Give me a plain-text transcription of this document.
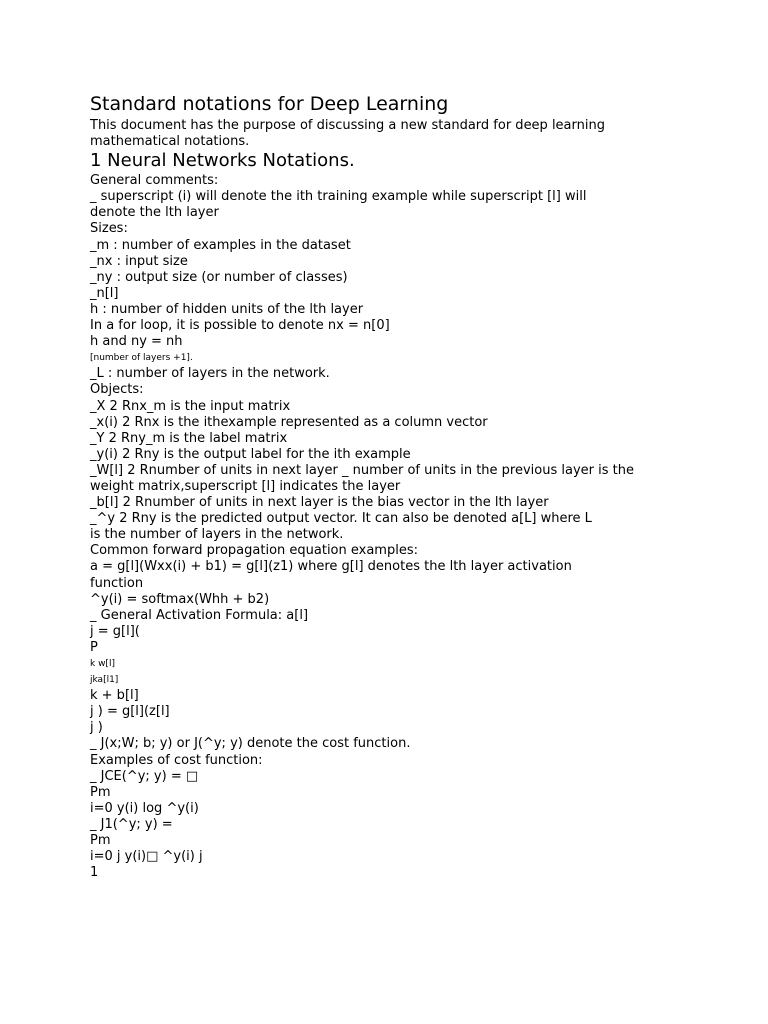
Standard notations for Deep Learning
This document has the purpose of discussing a new standard for deep learning
mathematical notations.
1 Neural Networks Notations.
General comments:
_ superscript (i) will denote the ith training example while superscript [l] will
denote the lth layer
Sizes:
_m : number of examples in the dataset
_nx : input size
_ny : output size (or number of classes)
_n[l]
h : number of hidden units of the lth layer
In a for loop, it is possible to denote nx = n[0]
h and ny = nh
[number of layers +1].
_L : number of layers in the network.
Objects:
_X 2 Rnx_m is the input matrix
_x(i) 2 Rnx is the ithexample represented as a column vector
_Y 2 Rny_m is the label matrix
_y(i) 2 Rny is the output label for the ith example
_W[l] 2 Rnumber of units in next layer _ number of units in the previous layer is the
weight matrix,superscript [l] indicates the layer
_b[l] 2 Rnumber of units in next layer is the bias vector in the lth layer
_^y 2 Rny is the predicted output vector. It can also be denoted a[L] where L
is the number of layers in the network.
Common forward propagation equation examples:
a = g[l](Wxx(i) + b1) = g[l](z1) where g[l] denotes the lth layer activation
function
^y(i) = softmax(Whh + b2)
_ General Activation Formula: a[l]
j = g[l](
P
k w[l]
jka[l1]
k + b[l]
j ) = g[l](z[l]
j )
_ J(x;W; b; y) or J(^y; y) denote the cost function.
Examples of cost function:
_ JCE(^y; y) = □
Pm
i=0 y(i) log ^y(i)
_ J1(^y; y) =
Pm
i=0 j y(i)□ ^y(i) j
1
